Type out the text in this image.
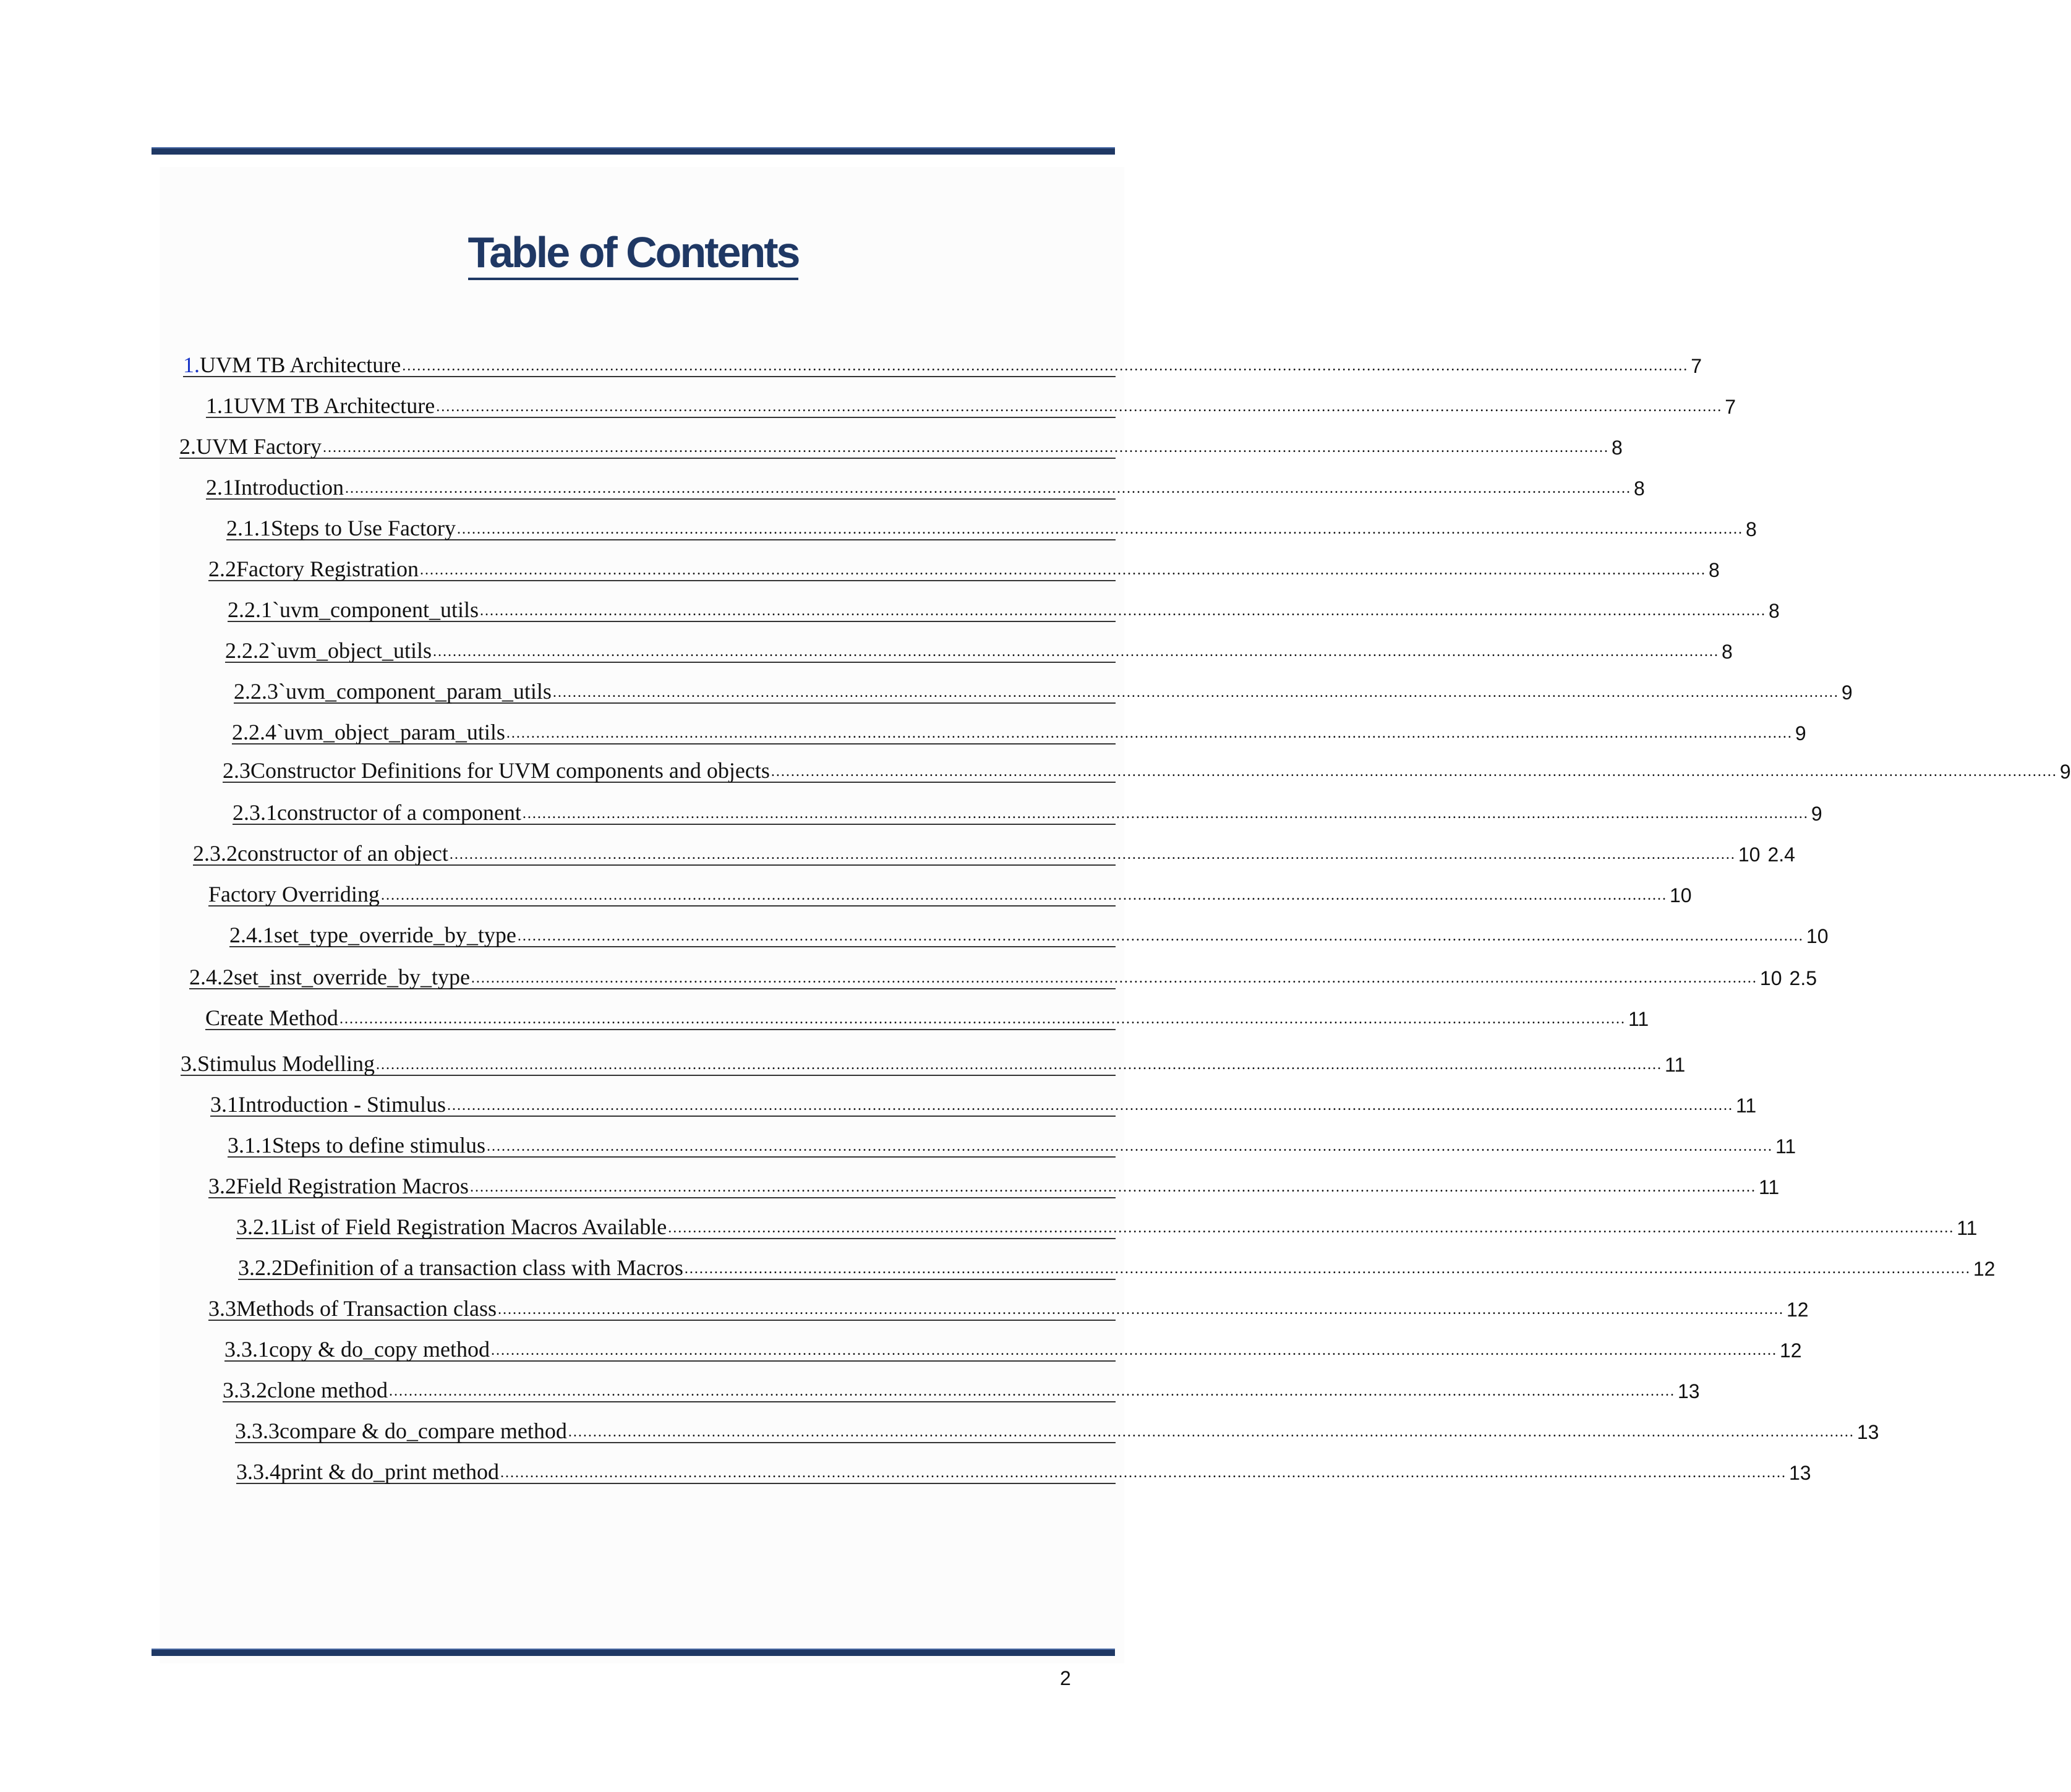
Table of Contents
1. UVM TB Architecture .................................................................................................................................................................................................................................................................... 7
1.1 UVM TB Architecture .................................................................................................................................................................................................................................................................... 7
2. UVM Factory .................................................................................................................................................................................................................................................................... 8
2.1 Introduction .................................................................................................................................................................................................................................................................... 8
2.1.1 Steps to Use Factory .................................................................................................................................................................................................................................................................... 8
2.2 Factory Registration .................................................................................................................................................................................................................................................................... 8
2.2.1 `uvm_component_utils .................................................................................................................................................................................................................................................................... 8
2.2.2 `uvm_object_utils .................................................................................................................................................................................................................................................................... 8
2.2.3 `uvm_component_param_utils .................................................................................................................................................................................................................................................................... 9
2.2.4 `uvm_object_param_utils .................................................................................................................................................................................................................................................................... 9
2.3 Constructor Definitions for UVM components and objects .................................................................................................................................................................................................................................................................... 9
2.3.1 constructor of a component .................................................................................................................................................................................................................................................................... 9
2.3.2 constructor of an object .................................................................................................................................................................................................................................................................... 10 2.4
Factory Overriding .................................................................................................................................................................................................................................................................... 10
2.4.1 set_type_override_by_type .................................................................................................................................................................................................................................................................... 10
2.4.2 set_inst_override_by_type .................................................................................................................................................................................................................................................................... 10 2.5
Create Method .................................................................................................................................................................................................................................................................... 11
3. Stimulus Modelling .................................................................................................................................................................................................................................................................... 11
3.1 Introduction - Stimulus .................................................................................................................................................................................................................................................................... 11
3.1.1 Steps to define stimulus .................................................................................................................................................................................................................................................................... 11
3.2 Field Registration Macros .................................................................................................................................................................................................................................................................... 11
3.2.1 List of Field Registration Macros Available .................................................................................................................................................................................................................................................................... 11
3.2.2 Definition of a transaction class with Macros .................................................................................................................................................................................................................................................................... 12
3.3 Methods of Transaction class .................................................................................................................................................................................................................................................................... 12
3.3.1 copy & do_copy method .................................................................................................................................................................................................................................................................... 12
3.3.2 clone method .................................................................................................................................................................................................................................................................... 13
3.3.3 compare & do_compare method .................................................................................................................................................................................................................................................................... 13
3.3.4 print & do_print method .................................................................................................................................................................................................................................................................... 13
2
